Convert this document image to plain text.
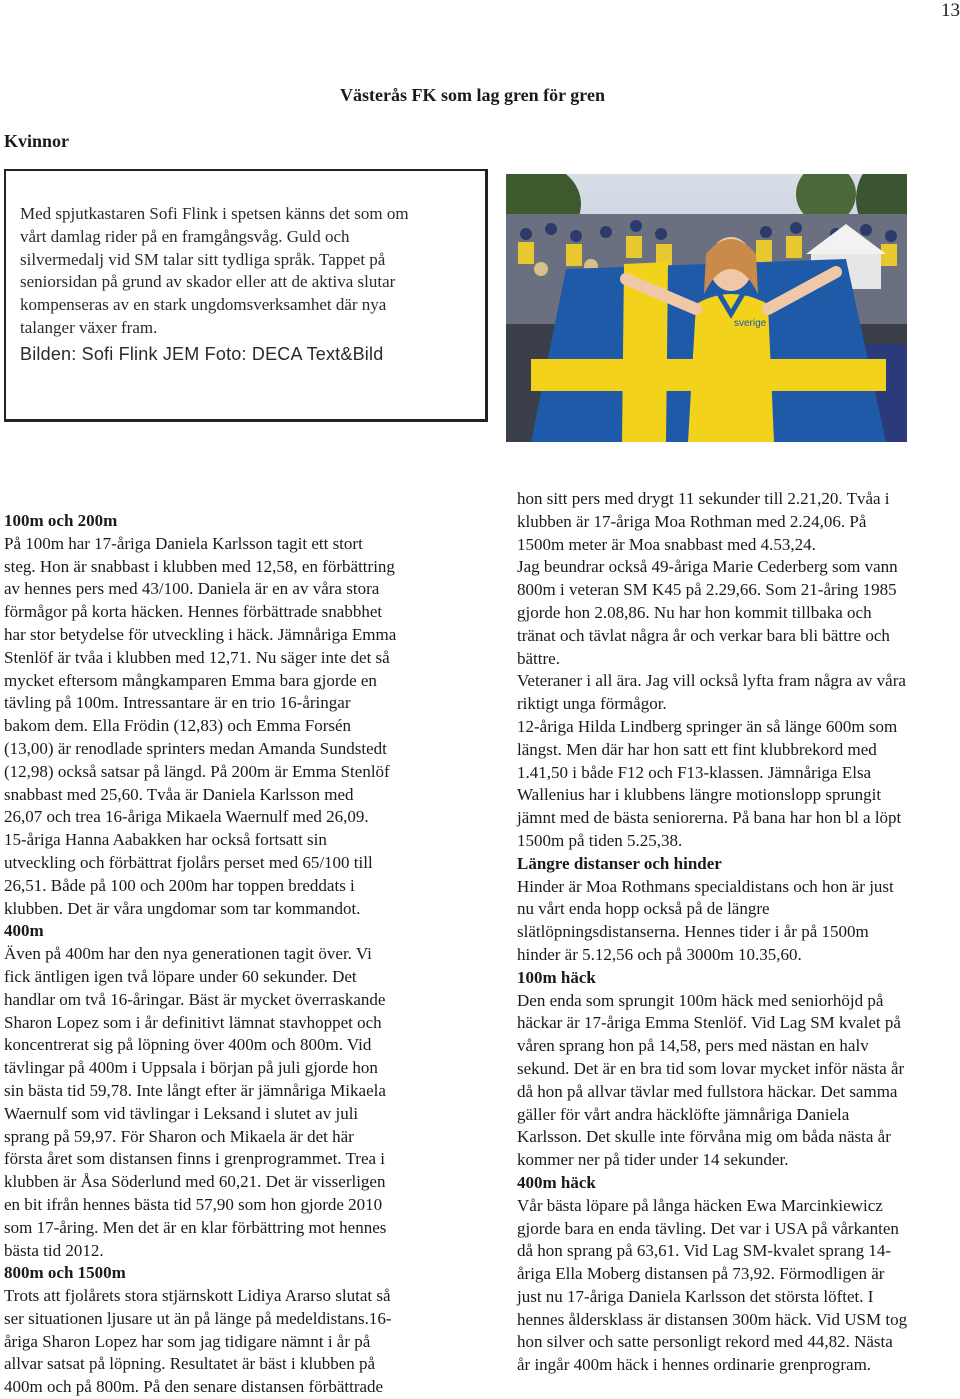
13
Västerås FK som lag gren för gren
Kvinnor
Med spjutkastaren Sofi Flink i spetsen känns det som om
vårt damlag rider på en framgångsvåg. Guld och
silvermedalj vid SM talar sitt tydliga språk. Tappet på
seniorsidan på grund av skador eller att de aktiva slutar
kompenseras av en stark ungdomsverksamhet där nya
talanger växer fram.
Bilden: Sofi Flink JEM Foto: DECA Text&Bild
sverige
100m och 200m

På 100m har 17-åriga Daniela Karlsson tagit ett stort

steg. Hon är snabbast i klubben med 12,58, en förbättring

av hennes pers med 43/100. Daniela är en av våra stora

förmågor på korta häcken. Hennes förbättrade snabbhet

har stor betydelse för utveckling i häck. Jämnåriga Emma

Stenlöf är tvåa i klubben med 12,71. Nu säger inte det så

mycket eftersom mångkamparen Emma bara gjorde en

tävling på 100m. Intressantare är en trio 16-åringar

bakom dem. Ella Frödin (12,83) och Emma Forsén

(13,00) är renodlade sprinters medan Amanda Sundstedt

(12,98) också satsar på längd. På 200m är Emma Stenlöf

snabbast med 25,60. Tvåa är Daniela Karlsson med

26,07 och trea 16-åriga Mikaela Waernulf med 26,09.

15-åriga Hanna Aabakken har också fortsatt sin

utveckling och förbättrat fjolårs perset med 65/100 till

26,51. Både på 100 och 200m har toppen breddats i

klubben. Det är våra ungdomar som tar kommandot.

400m

Även på 400m har den nya generationen tagit över. Vi

fick äntligen igen två löpare under 60 sekunder. Det

handlar om två 16-åringar. Bäst är mycket överraskande

Sharon Lopez som i år definitivt lämnat stavhoppet och

koncentrerat sig på löpning över 400m och 800m. Vid

tävlingar på 400m i Uppsala i början på juli gjorde hon

sin bästa tid 59,78. Inte långt efter är jämnåriga Mikaela

Waernulf som vid tävlingar i Leksand i slutet av juli

sprang på 59,97. För Sharon och Mikaela är det här

första året som distansen finns i grenprogrammet. Trea i

klubben är Åsa Söderlund med 60,21. Det är visserligen

en bit ifrån hennes bästa tid 57,90 som hon gjorde 2010

som 17-åring. Men det är en klar förbättring mot hennes

bästa tid 2012.

800m och 1500m

Trots att fjolårets stora stjärnskott Lidiya Ararso slutat så

ser situationen ljusare ut än på länge på medeldistans.16-

åriga Sharon Lopez har som jag tidigare nämnt i år på

allvar satsat på löpning. Resultatet är bäst i klubben på

400m och på 800m. På den senare distansen förbättrade

hon sitt pers med drygt 11 sekunder till 2.21,20. Tvåa i

klubben är 17-åriga Moa Rothman med 2.24,06. På

1500m meter är Moa snabbast med 4.53,24.

Jag beundrar också 49-åriga Marie Cederberg som vann

800m i veteran SM K45 på 2.29,66. Som 21-åring 1985

gjorde hon 2.08,86. Nu har hon kommit tillbaka och

tränat och tävlat några år och verkar bara bli bättre och

bättre.

Veteraner i all ära. Jag vill också lyfta fram några av våra

riktigt unga förmågor.

12-åriga Hilda Lindberg springer än så länge 600m som

längst. Men där har hon satt ett fint klubbrekord med

1.41,50 i både F12 och F13-klassen. Jämnåriga Elsa

Wallenius har i klubbens längre motionslopp sprungit

jämnt med de bästa seniorerna. På bana har hon bl a löpt

1500m på tiden 5.25,38.

Längre distanser och hinder

Hinder är Moa Rothmans specialdistans och hon är just

nu vårt enda hopp också på de längre

slätlöpningsdistanserna. Hennes tider i år på 1500m

hinder är 5.12,56 och på 3000m 10.35,60.

100m häck

Den enda som sprungit 100m häck med seniorhöjd på

häckar är 17-åriga Emma Stenlöf. Vid Lag SM kvalet på

våren sprang hon på 14,58, pers med nästan en halv

sekund. Det är en bra tid som lovar mycket inför nästa år

då hon på allvar tävlar med fullstora häckar. Det samma

gäller för vårt andra häcklöfte jämnåriga Daniela

Karlsson. Det skulle inte förvåna mig om båda nästa år

kommer ner på tider under 14 sekunder.

400m häck

Vår bästa löpare på långa häcken Ewa Marcinkiewicz

gjorde bara en enda tävling. Det var i USA på vårkanten

då hon sprang på 63,61. Vid Lag SM-kvalet sprang 14-

åriga Ella Moberg distansen på 73,92. Förmodligen är

just nu 17-åriga Daniela Karlsson det största löftet. I

hennes åldersklass är distansen 300m häck. Vid USM tog

hon silver och satte personligt rekord med 44,82. Nästa

år ingår 400m häck i hennes ordinarie grenprogram.
